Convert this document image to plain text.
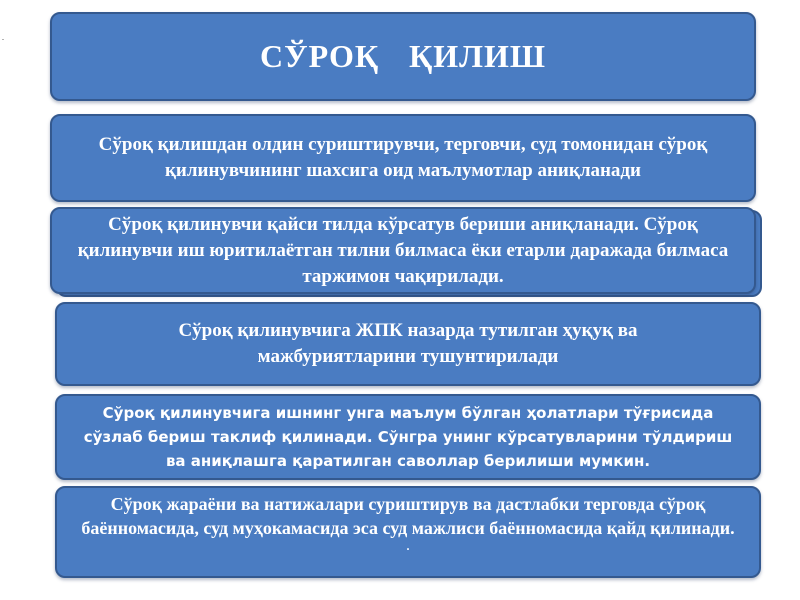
.
СЎРОҚ ҚИЛИШ
Сўроқ қилишдан олдин суриштирувчи, терговчи, суд томонидан сўроқ қилинувчининг шахсига оид маълумотлар аниқланади
Сўроқ қилинувчи қайси тилда кўрсатув бериши аниқланади. Сўроқ қилинувчи иш юритилаётган тилни билмаса ёки етарли даражада билмаса таржимон чақирилади.
Сўроқ қилинувчига ЖПК назарда тутилган ҳуқуқ ва мажбуриятларини тушунтирилади
Сўроқ қилинувчига ишнинг унга маълум бўлган ҳолатлари тўғрисида сўзлаб бериш таклиф қилинади. Сўнгра унинг кўрсатувларини тўлдириш ва аниқлашга қаратилган саволлар берилиши мумкин.
Сўроқ жараёни ва натижалари суриштирув ва дастлабки терговда сўроқ баённомасида, суд муҳокамасида эса суд мажлиси баённомасида қайд қилинади.
.
